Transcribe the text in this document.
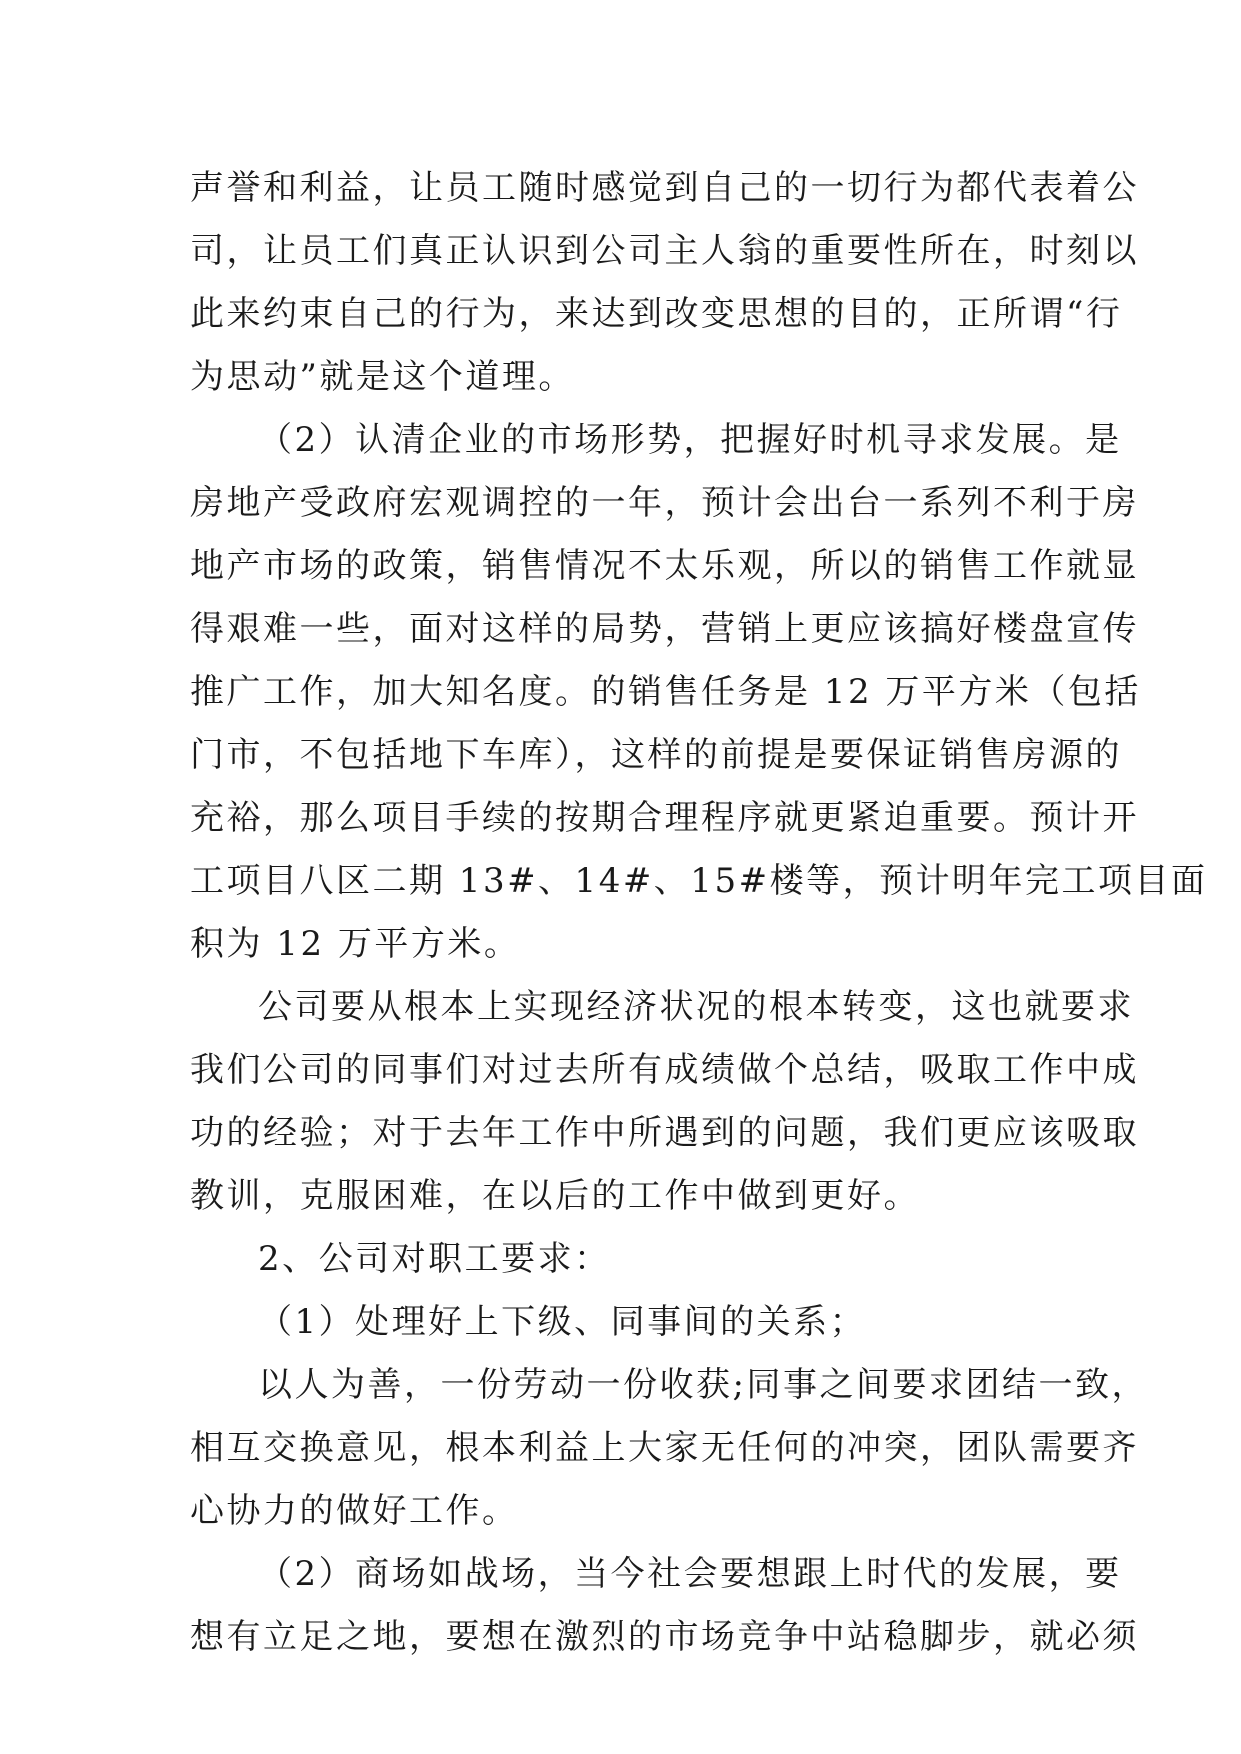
声誉和利益，让员工随时感觉到自己的一切行为都代表着公
司，让员工们真正认识到公司主人翁的重要性所在，时刻以
此来约束自己的行为，来达到改变思想的目的，正所谓“行
为思动”就是这个道理。
（2）认清企业的市场形势，把握好时机寻求发展。是
房地产受政府宏观调控的一年，预计会出台一系列不利于房
地产市场的政策，销售情况不太乐观，所以的销售工作就显
得艰难一些，面对这样的局势，营销上更应该搞好楼盘宣传
推广工作，加大知名度。的销售任务是 12 万平方米（包括
门市，不包括地下车库），这样的前提是要保证销售房源的
充裕，那么项目手续的按期合理程序就更紧迫重要。预计开
工项目八区二期 13#、14#、15#楼等，预计明年完工项目面
积为 12 万平方米。
公司要从根本上实现经济状况的根本转变，这也就要求
我们公司的同事们对过去所有成绩做个总结，吸取工作中成
功的经验；对于去年工作中所遇到的问题，我们更应该吸取
教训，克服困难，在以后的工作中做到更好。
2、公司对职工要求：
（1）处理好上下级、同事间的关系；
以人为善，一份劳动一份收获;同事之间要求团结一致，
相互交换意见，根本利益上大家无任何的冲突，团队需要齐
心协力的做好工作。
（2）商场如战场，当今社会要想跟上时代的发展，要
想有立足之地，要想在激烈的市场竞争中站稳脚步，就必须
